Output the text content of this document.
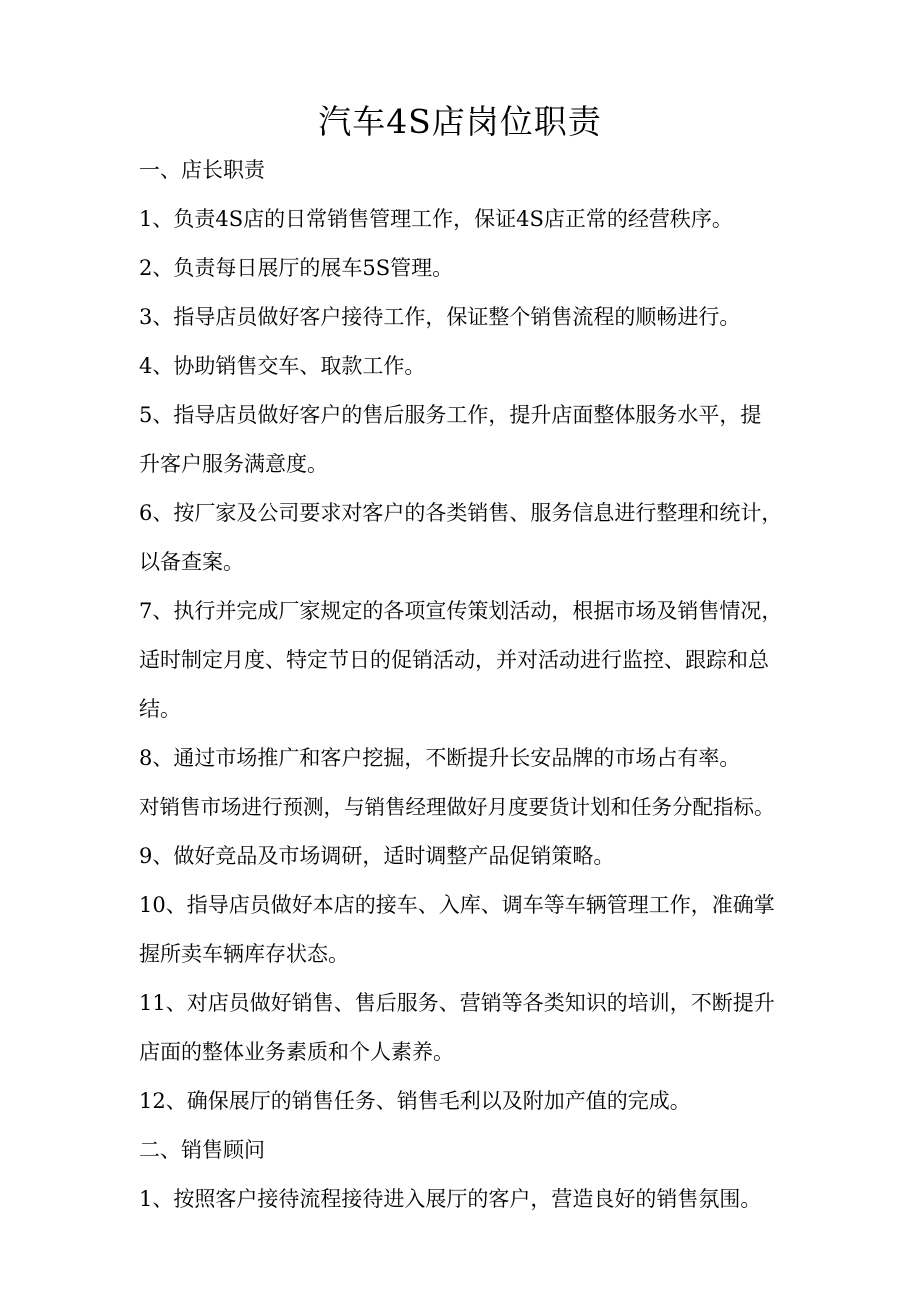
汽车4S店岗位职责
一、店长职责
1、负责4S店的日常销售管理工作，保证4S店正常的经营秩序。
2、负责每日展厅的展车5S管理。
3、指导店员做好客户接待工作，保证整个销售流程的顺畅进行。
4、协助销售交车、取款工作。
5、指导店员做好客户的售后服务工作，提升店面整体服务水平，提
升客户服务满意度。
6、按厂家及公司要求对客户的各类销售、服务信息进行整理和统计，
以备查案。
7、执行并完成厂家规定的各项宣传策划活动，根据市场及销售情况，
适时制定月度、特定节日的促销活动，并对活动进行监控、跟踪和总
结。
8、通过市场推广和客户挖掘，不断提升长安品牌的市场占有率。
对销售市场进行预测，与销售经理做好月度要货计划和任务分配指标。
9、做好竞品及市场调研，适时调整产品促销策略。
10、指导店员做好本店的接车、入库、调车等车辆管理工作，准确掌
握所卖车辆库存状态。
11、对店员做好销售、售后服务、营销等各类知识的培训，不断提升
店面的整体业务素质和个人素养。
12、确保展厅的销售任务、销售毛利以及附加产值的完成。
二、销售顾问
1、按照客户接待流程接待进入展厅的客户，营造良好的销售氛围。
